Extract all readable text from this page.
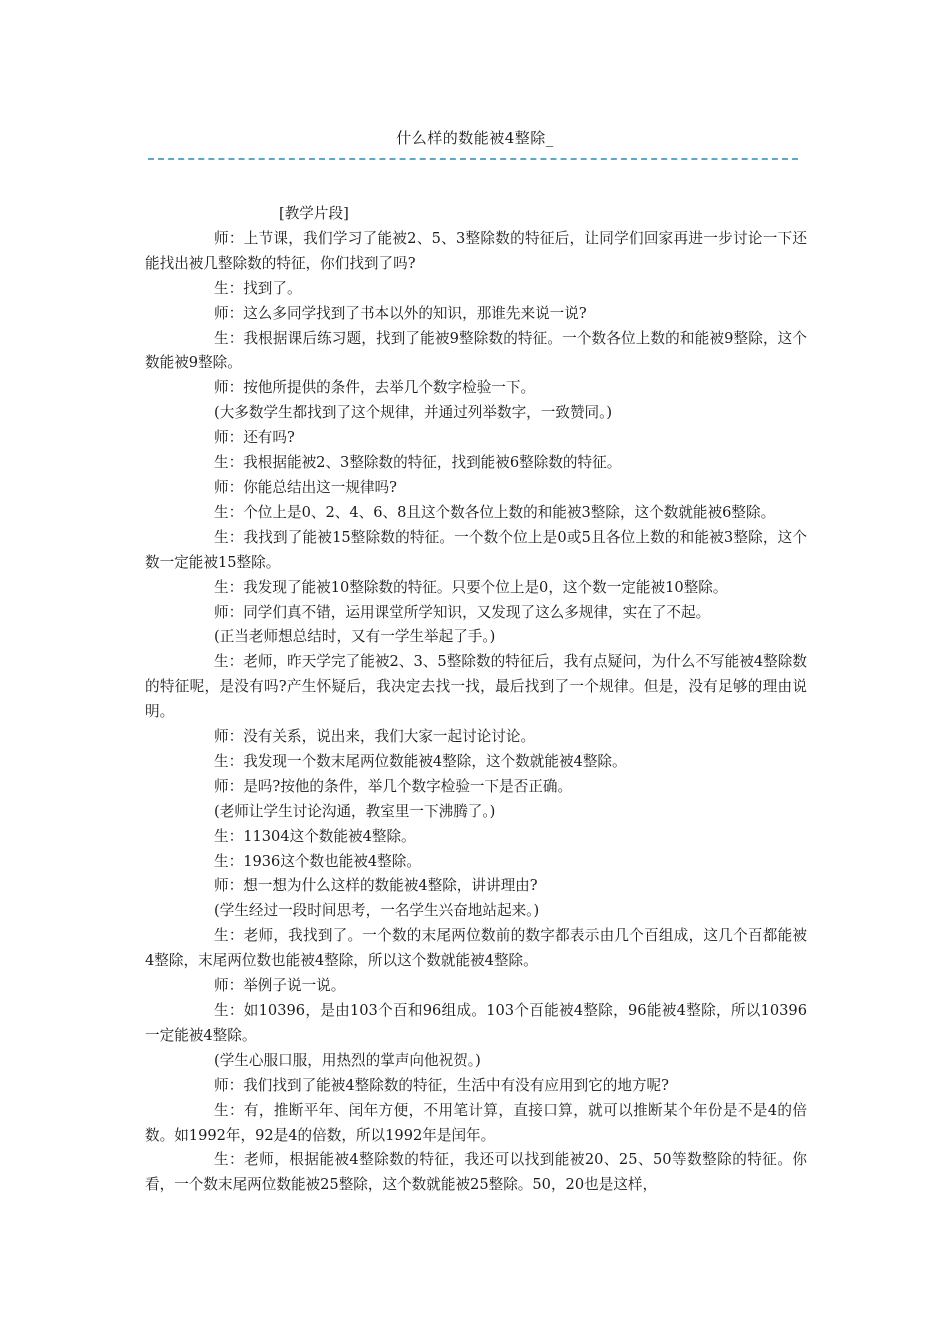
什么样的数能被4整除_

[教学片段]

师：上节课，我们学习了能被2、5、3整除数的特征后，让同学们回家再进一步讨论一下还能找出被几整除数的特征，你们找到了吗?

生：找到了。

师：这么多同学找到了书本以外的知识，那谁先来说一说?

生：我根据课后练习题，找到了能被9整除数的特征。一个数各位上数的和能被9整除，这个数能被9整除。

师：按他所提供的条件，去举几个数字检验一下。

(大多数学生都找到了这个规律，并通过列举数字，一致赞同。)

师：还有吗?

生：我根据能被2、3整除数的特征，找到能被6整除数的特征。

师：你能总结出这一规律吗?

生：个位上是0、2、4、6、8且这个数各位上数的和能被3整除，这个数就能被6整除。

生：我找到了能被15整除数的特征。一个数个位上是0或5且各位上数的和能被3整除，这个数一定能被15整除。

生：我发现了能被10整除数的特征。只要个位上是0，这个数一定能被10整除。

师：同学们真不错，运用课堂所学知识，又发现了这么多规律，实在了不起。

(正当老师想总结时，又有一学生举起了手。)

生：老师，昨天学完了能被2、3、5整除数的特征后，我有点疑问，为什么不写能被4整除数的特征呢，是没有吗?产生怀疑后，我决定去找一找，最后找到了一个规律。但是，没有足够的理由说明。

师：没有关系，说出来，我们大家一起讨论讨论。

生：我发现一个数末尾两位数能被4整除，这个数就能被4整除。

师：是吗?按他的条件，举几个数字检验一下是否正确。

(老师让学生讨论沟通，教室里一下沸腾了。)

生：11304这个数能被4整除。

生：1936这个数也能被4整除。

师：想一想为什么这样的数能被4整除，讲讲理由?

(学生经过一段时间思考，一名学生兴奋地站起来。)

生：老师，我找到了。一个数的末尾两位数前的数字都表示由几个百组成，这几个百都能被4整除，末尾两位数也能被4整除，所以这个数就能被4整除。

师：举例子说一说。

生：如10396，是由103个百和96组成。103个百能被4整除，96能被4整除，所以10396一定能被4整除。

(学生心服口服，用热烈的掌声向他祝贺。)

师：我们找到了能被4整除数的特征，生活中有没有应用到它的地方呢?

生：有，推断平年、闰年方便，不用笔计算，直接口算，就可以推断某个年份是不是4的倍数。如1992年，92是4的倍数，所以1992年是闰年。

生：老师，根据能被4整除数的特征，我还可以找到能被20、25、50等数整除的特征。你看，一个数末尾两位数能被25整除，这个数就能被25整除。50，20也是这样，
